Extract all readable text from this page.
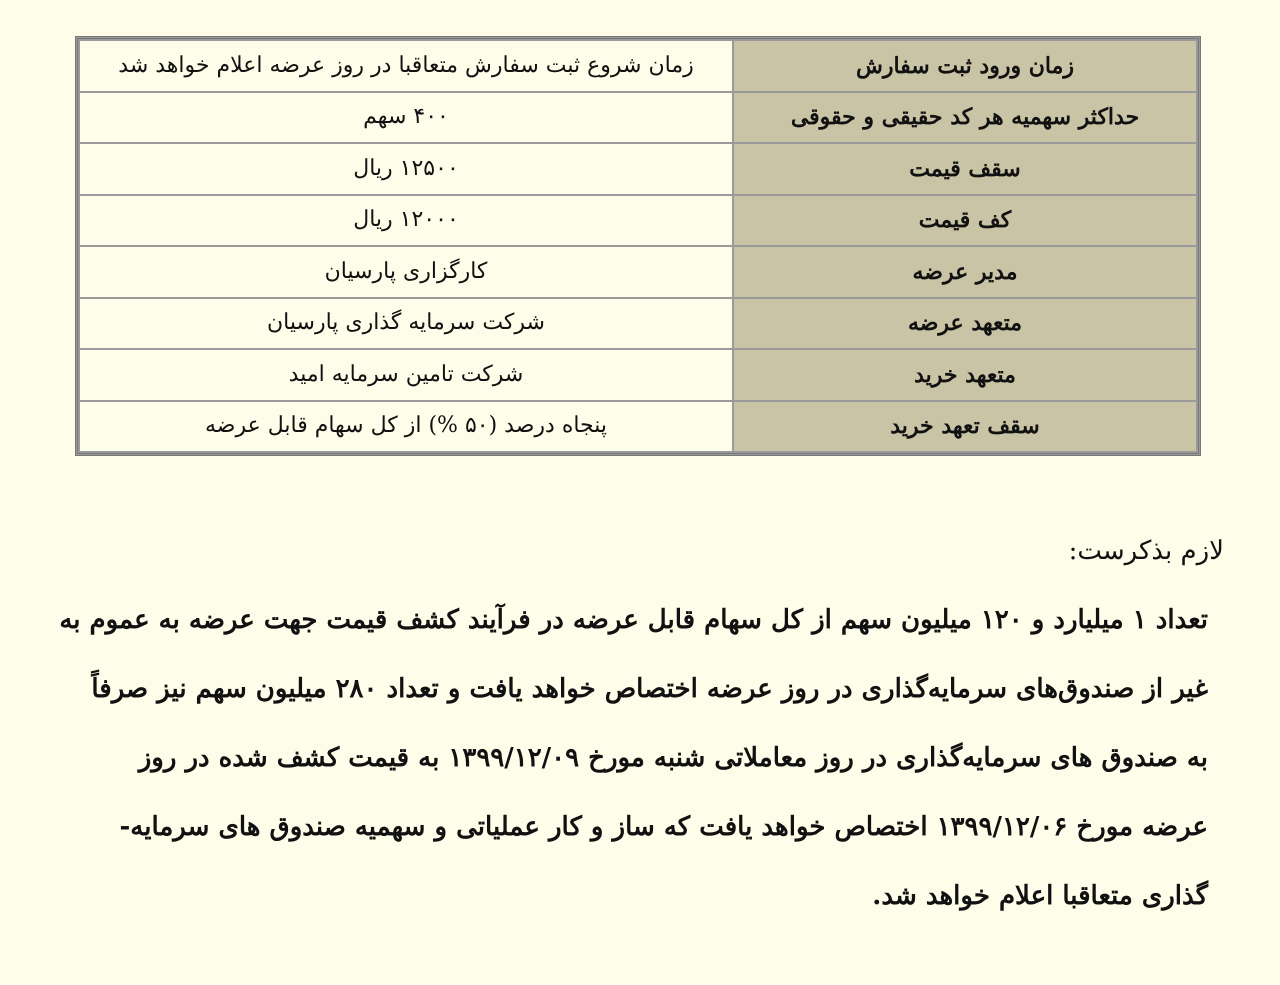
زمان ورود ثبت سفارش	زمان شروع ثبت سفارش متعاقبا در روز عرضه اعلام خواهد شد
حداکثر سهمیه هر کد حقیقی و حقوقی	۴۰۰ سهم
سقف قیمت	۱۲۵۰۰ ریال
کف قیمت	۱۲۰۰۰ ریال
مدیر عرضه	کارگزاری پارسیان
متعهد عرضه	شرکت سرمایه گذاری پارسیان
متعهد خرید	شرکت تامین سرمایه امید
سقف تعهد خرید	پنجاه درصد (۵۰ %) از کل سهام قابل عرضه
لازم بذکرست:
تعداد ۱ میلیارد و ۱۲۰ میلیون سهم از کل سهام قابل عرضه در فرآیند کشف قیمت جهت عرضه به عموم به
غیر از صندوق‌های سرمایه‌گذاری در روز عرضه اختصاص خواهد یافت و تعداد ۲۸۰ میلیون سهم نیز صرفاً
به صندوق های سرمایه‌گذاری در روز معاملاتی شنبه مورخ ۱۳۹۹/۱۲/۰۹ به قیمت کشف شده در روز
عرضه مورخ ۱۳۹۹/۱۲/۰۶ اختصاص خواهد یافت که ساز و کار عملیاتی و سهمیه صندوق های سرمایه-
گذاری متعاقبا اعلام خواهد شد.
